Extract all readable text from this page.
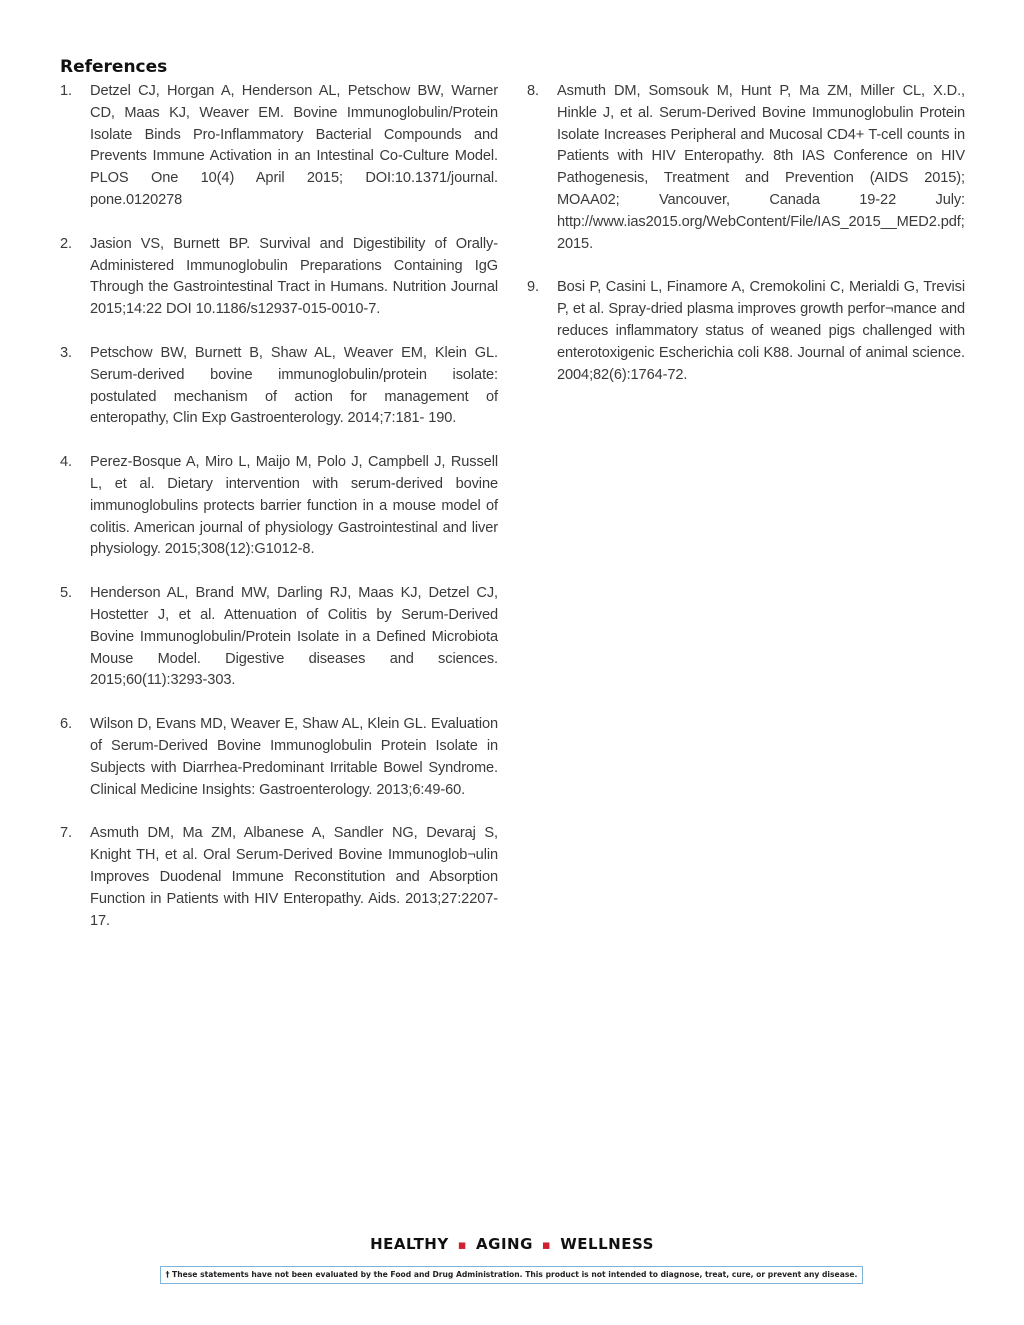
References
1. Detzel CJ, Horgan A, Henderson AL, Petschow BW, Warner CD, Maas KJ, Weaver EM. Bovine Immunoglobulin/Protein Isolate Binds Pro-Inflammatory Bacterial Compounds and Prevents Immune Activation in an Intestinal Co-Culture Model. PLOS One 10(4) April 2015; DOI:10.1371/journal. pone.0120278
2. Jasion VS, Burnett BP. Survival and Digestibility of Orally-Administered Immunoglobulin Preparations Containing IgG Through the Gastrointestinal Tract in Humans. Nutrition Journal 2015;14:22 DOI 10.1186/s12937-015-0010-7.
3. Petschow BW, Burnett B, Shaw AL, Weaver EM, Klein GL. Serum-derived bovine immunoglobulin/protein isolate: postulated mechanism of action for management of enteropathy, Clin Exp Gastroenterology. 2014;7:181- 190.
4. Perez-Bosque A, Miro L, Maijo M, Polo J, Campbell J, Russell L, et al. Dietary intervention with serum-derived bovine immunoglobulins protects barrier function in a mouse model of colitis. American journal of physiology Gastrointestinal and liver physiology. 2015;308(12):G1012-8.
5. Henderson AL, Brand MW, Darling RJ, Maas KJ, Detzel CJ, Hostetter J, et al. Attenuation of Colitis by Serum-Derived Bovine Immunoglobulin/Protein Isolate in a Defined Microbiota Mouse Model. Digestive diseases and sciences. 2015;60(11):3293-303.
6. Wilson D, Evans MD, Weaver E, Shaw AL, Klein GL. Evaluation of Serum-Derived Bovine Immunoglobulin Protein Isolate in Subjects with Diarrhea-Predominant Irritable Bowel Syndrome. Clinical Medicine Insights: Gastroenterology. 2013;6:49-60.
7. Asmuth DM, Ma ZM, Albanese A, Sandler NG, Devaraj S, Knight TH, et al. Oral Serum-Derived Bovine Immunoglob¬ulin Improves Duodenal Immune Reconstitution and Absorption Function in Patients with HIV Enteropathy. Aids. 2013;27:2207-17.
8. Asmuth DM, Somsouk M, Hunt P, Ma ZM, Miller CL, X.D., Hinkle J, et al. Serum-Derived Bovine Immunoglobulin Protein Isolate Increases Peripheral and Mucosal CD4+ T-cell counts in Patients with HIV Enteropathy. 8th IAS Conference on HIV Pathogenesis, Treatment and Prevention (AIDS 2015); MOAA02; Vancouver, Canada 19-22 July: http://www.ias2015.org/WebContent/File/IAS_2015__MED2.pdf; 2015.
9. Bosi P, Casini L, Finamore A, Cremokolini C, Merialdi G, Trevisi P, et al. Spray-dried plasma improves growth perfor¬mance and reduces inflammatory status of weaned pigs challenged with enterotoxigenic Escherichia coli K88. Journal of animal science. 2004;82(6):1764-72.
HEALTHY ▪ AGING ▪ WELLNESS
† These statements have not been evaluated by the Food and Drug Administration. This product is not intended to diagnose, treat, cure, or prevent any disease.
